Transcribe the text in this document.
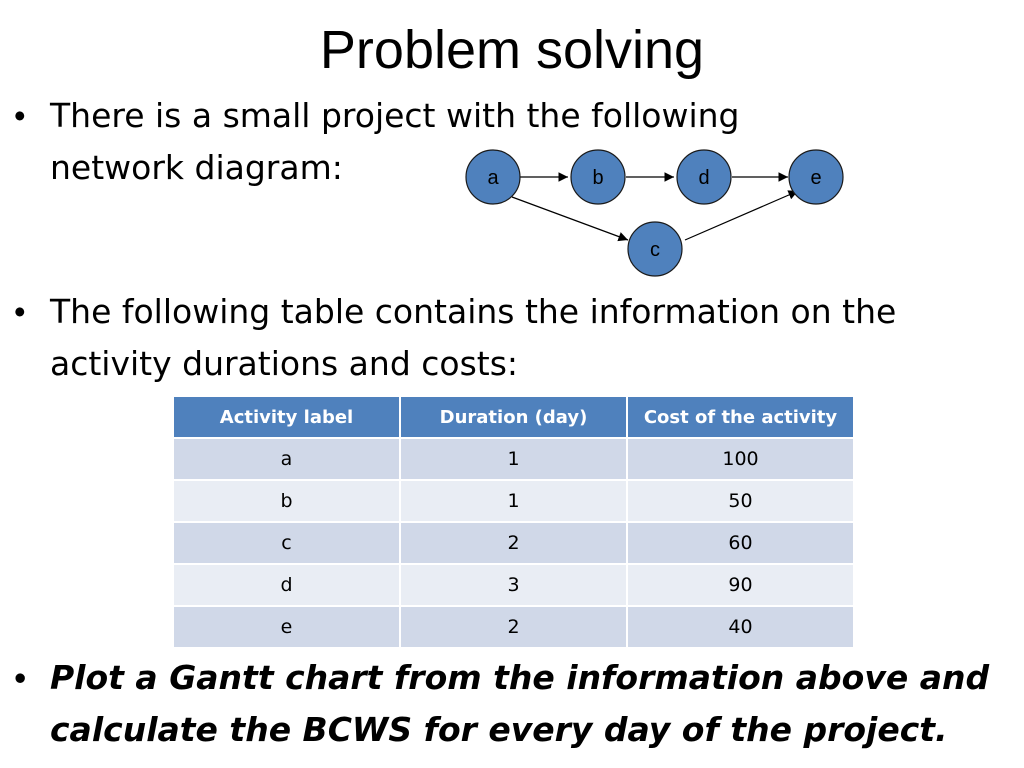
Problem solving
• There is a small project with the following
network diagram:	a	b	d	e
c
• The following table contains the information on the
activity durations and costs:
Activity label	Duration (day)	Cost of the activity
a	1	100
b	1	50
c	2	60
d	3	90
e	2	40
• Plot a Gantt chart from the information above and
calculate the BCWS for every day of the project.
